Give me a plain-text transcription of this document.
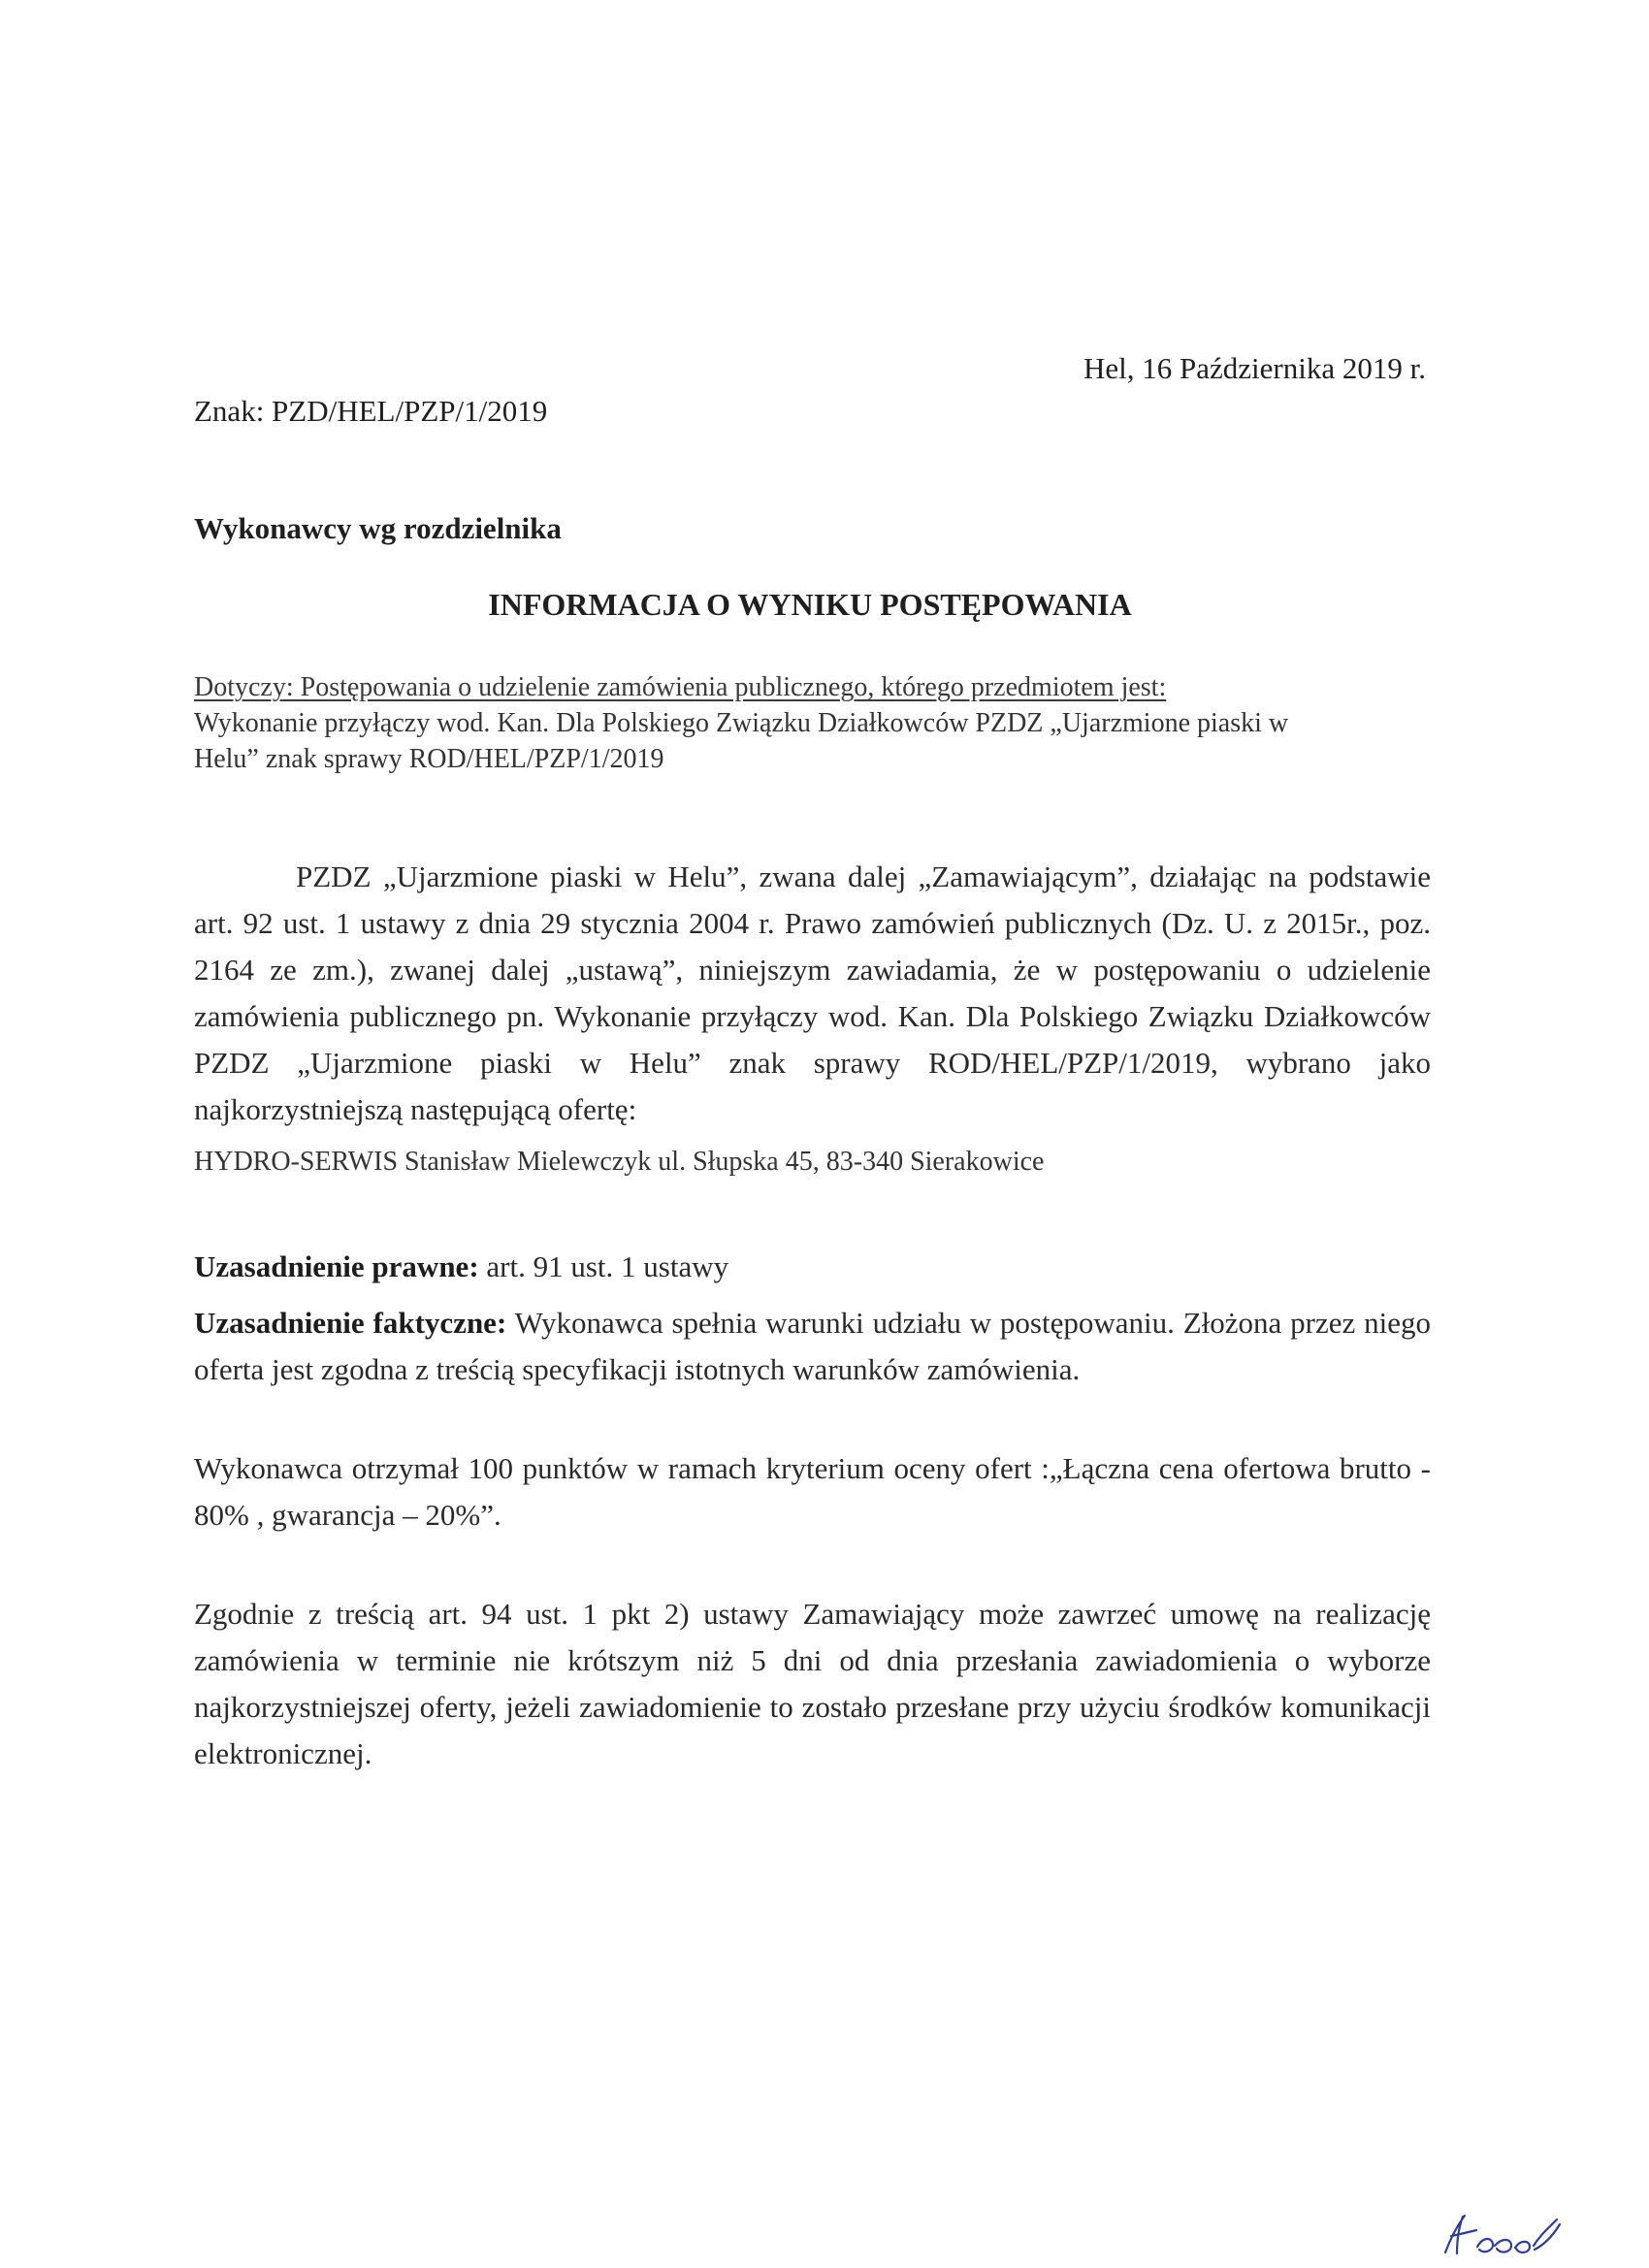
Hel, 16 Października 2019 r.

Znak: PZD/HEL/PZP/1/2019

Wykonawcy wg rozdzielnika

INFORMACJA O WYNIKU POSTĘPOWANIA
Dotyczy: Postępowania o udzielenie zamówienia publicznego, którego przedmiotem jest:
Wykonanie przyłączy wod. Kan. Dla Polskiego Związku Działkowców PZDZ „Ujarzmione piaski w
Helu” znak sprawy ROD/HEL/PZP/1/2019

PZDZ „Ujarzmione piaski w Helu”, zwana dalej „Zamawiającym”, działając na podstawie art. 92 ust. 1 ustawy z dnia 29 stycznia 2004 r. Prawo zamówień publicznych (Dz. U. z 2015r., poz. 2164 ze zm.), zwanej dalej „ustawą”, niniejszym zawiadamia, że w postępowaniu o udzielenie zamówienia publicznego pn. Wykonanie przyłączy wod. Kan. Dla Polskiego Związku Działkowców PZDZ „Ujarzmione piaski w Helu” znak sprawy ROD/HEL/PZP/1/2019, wybrano jako najkorzystniejszą następującą ofertę:

HYDRO-SERWIS Stanisław Mielewczyk ul. Słupska 45, 83-340 Sierakowice

Uzasadnienie prawne: art. 91 ust. 1 ustawy

Uzasadnienie faktyczne: Wykonawca spełnia warunki udziału w postępowaniu. Złożona przez niego oferta jest zgodna z treścią specyfikacji istotnych warunków zamówienia.

Wykonawca otrzymał 100 punktów w ramach kryterium oceny ofert :„Łączna cena ofertowa brutto - 80% , gwarancja – 20%”.

Zgodnie z treścią art. 94 ust. 1 pkt 2) ustawy Zamawiający może zawrzeć umowę na realizację zamówienia w terminie nie krótszym niż 5 dni od dnia przesłania zawiadomienia o wyborze najkorzystniejszej oferty, jeżeli zawiadomienie to zostało przesłane przy użyciu środków komunikacji elektronicznej.
